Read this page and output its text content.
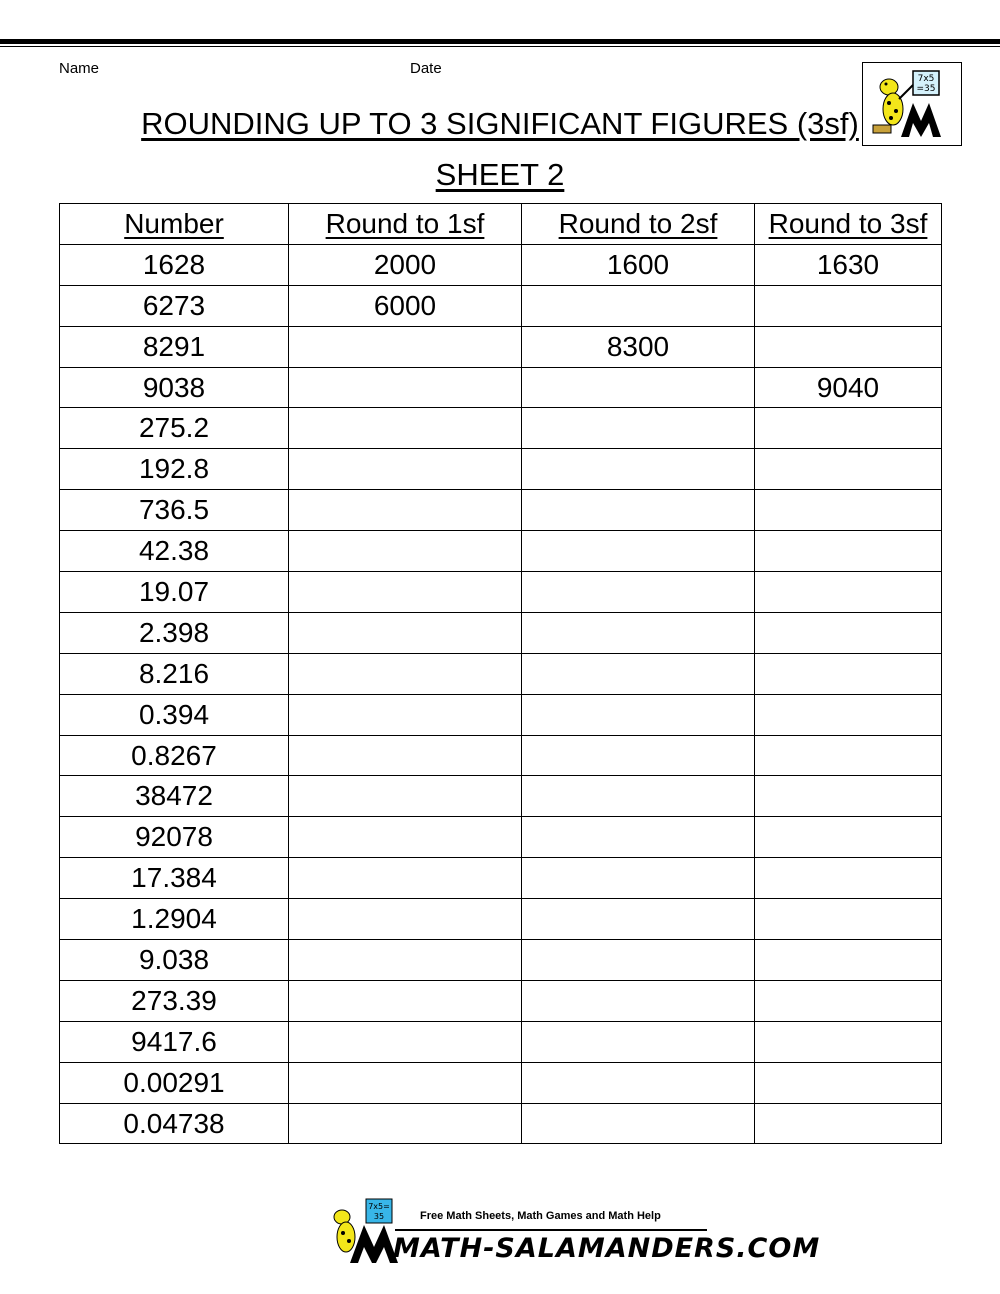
Name	Date
ROUNDING UP TO 3 SIGNIFICANT FIGURES (3sf)
SHEET 2
7x5
=35
Number	Round to 1sf	Round to 2sf	Round to 3sf
1628	2000	1600	1630
6273	6000		
8291		8300	
9038			9040
275.2			
192.8			
736.5			
42.38			
19.07			
2.398			
8.216			
0.394			
0.8267			
38472			
92078			
17.384			
1.2904			
9.038			
273.39			
9417.6			
0.00291			
0.04738			
7x5=
35	Free Math Sheets, Math Games and Math Help
MATH-SALAMANDERS.COM
